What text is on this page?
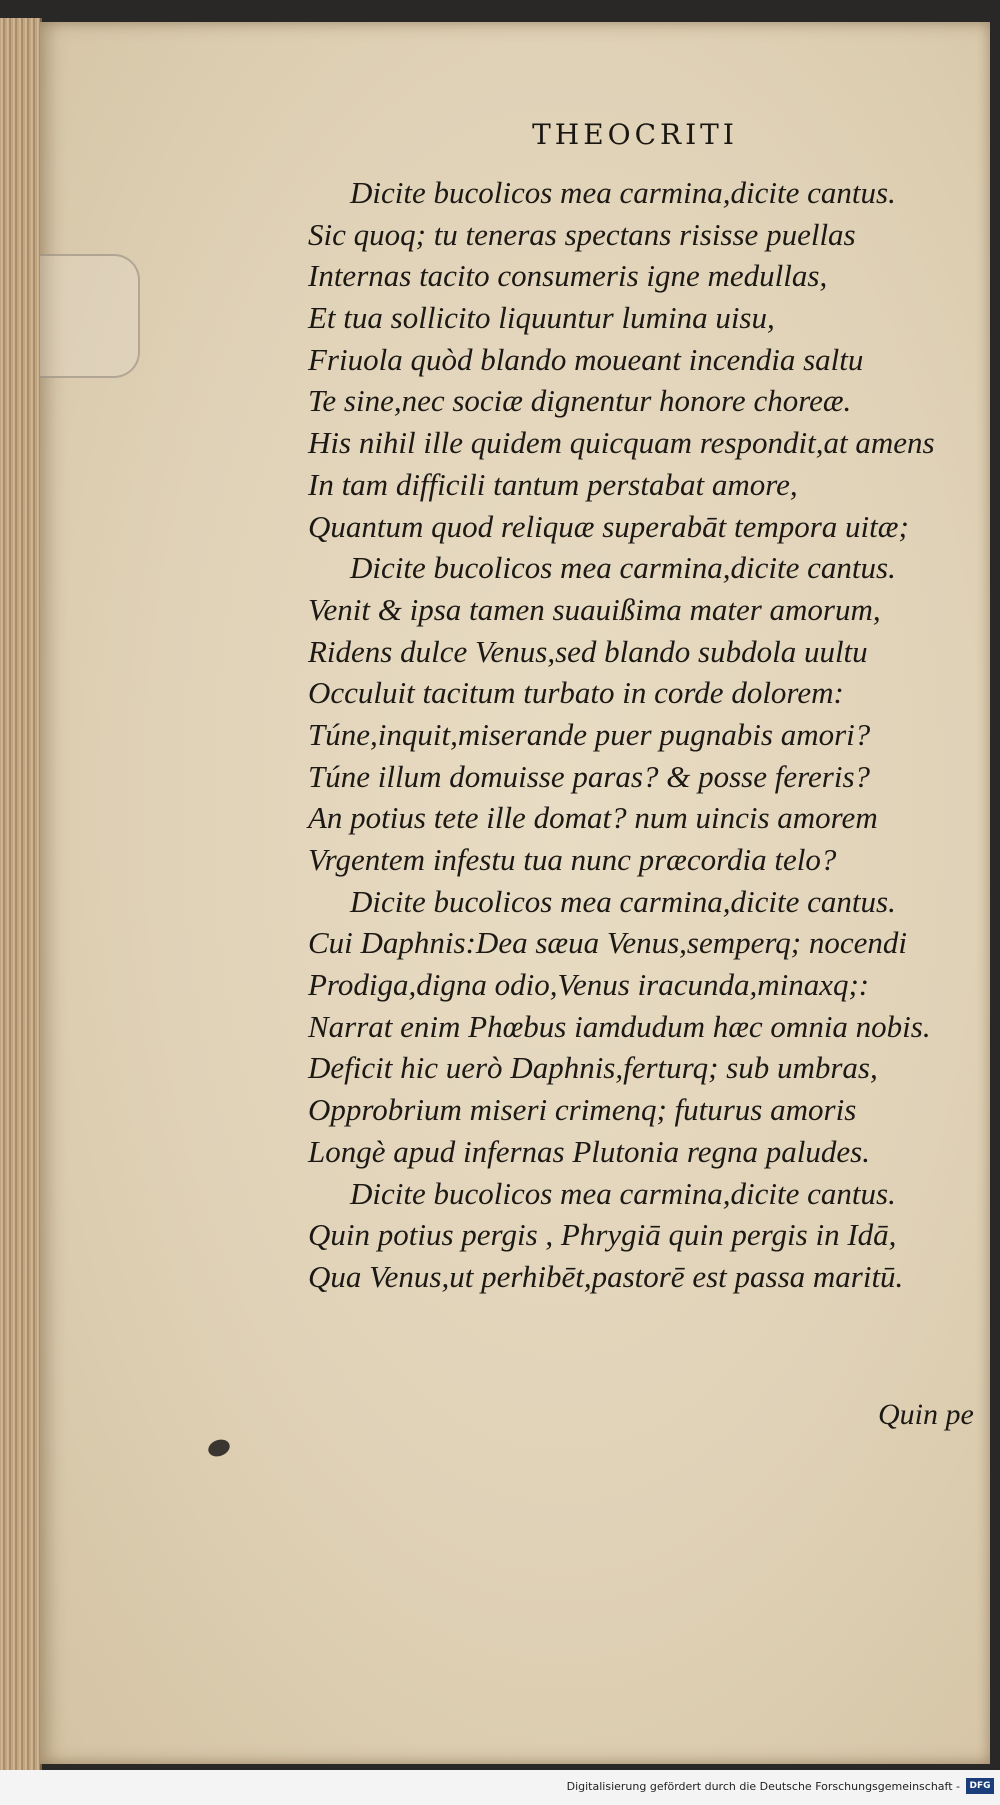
THEOCRITI
Dicite bucolicos mea carmina,dicite cantus.
Sic quoq; tu teneras spectans risisse puellas
Internas tacito consumeris igne medullas,
Et tua sollicito liquuntur lumina uisu,
Friuola quòd blando moueant incendia saltu
Te sine,nec sociæ dignentur honore choreæ.
His nihil ille quidem quicquam respondit,at amens
In tam difficili tantum perstabat amore,
Quantum quod reliquæ superabāt tempora uitæ;
Dicite bucolicos mea carmina,dicite cantus.
Venit & ipsa tamen suauißima mater amorum,
Ridens dulce Venus,sed blando subdola uultu
Occuluit tacitum turbato in corde dolorem:
Túne,inquit,miserande puer pugnabis amori?
Túne illum domuisse paras? & posse fereris?
An potius tete ille domat? num uincis amorem
Vrgentem infestu tua nunc præcordia telo?
Dicite bucolicos mea carmina,dicite cantus.
Cui Daphnis:Dea sæua Venus,semperq; nocendi
Prodiga,digna odio,Venus iracunda,minaxq;:
Narrat enim Phœbus iamdudum hæc omnia nobis.
Deficit hic uerò Daphnis,ferturq; sub umbras,
Opprobrium miseri crimenq; futurus amoris
Longè apud infernas Plutonia regna paludes.
Dicite bucolicos mea carmina,dicite cantus.
Quin potius pergis , Phrygiā quin pergis in Idā,
Qua Venus,ut perhibēt,pastorē est passa maritū.
Quin pe
Digitalisierung gefördert durch die Deutsche Forschungsgemeinschaft -	DFG
